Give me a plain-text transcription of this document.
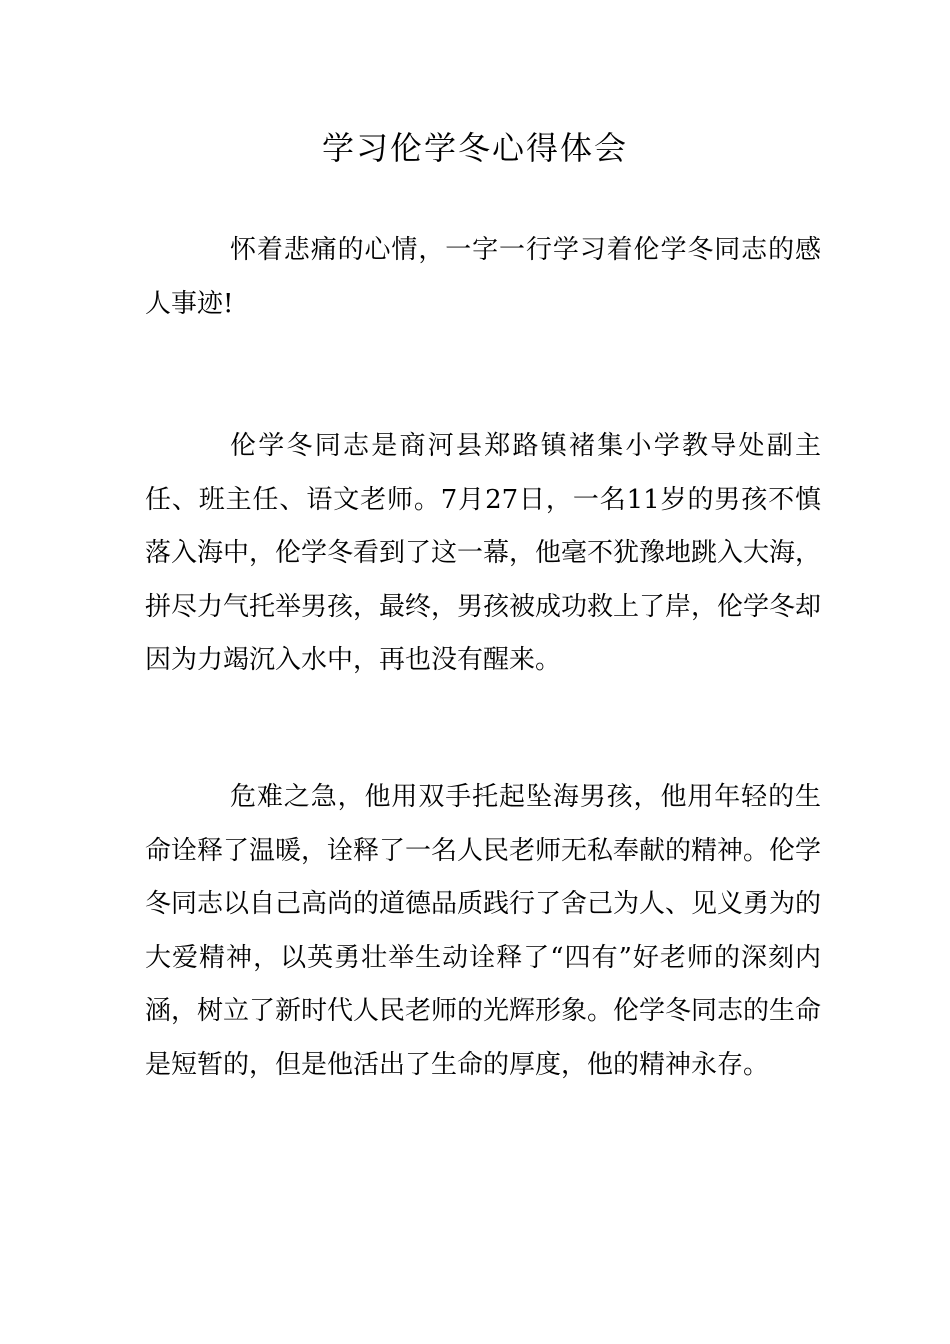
学习伦学冬心得体会

怀着悲痛的心情，一字一行学习着伦学冬同志的感人事迹!

伦学冬同志是商河县郑路镇褚集小学教导处副主任、班主任、语文老师。7月27日，一名11岁的男孩不慎落入海中，伦学冬看到了这一幕，他毫不犹豫地跳入大海，拼尽力气托举男孩，最终，男孩被成功救上了岸，伦学冬却因为力竭沉入水中，再也没有醒来。

危难之急，他用双手托起坠海男孩，他用年轻的生命诠释了温暖，诠释了一名人民老师无私奉献的精神。伦学冬同志以自己高尚的道德品质践行了舍己为人、见义勇为的大爱精神，以英勇壮举生动诠释了“四有”好老师的深刻内涵，树立了新时代人民老师的光辉形象。伦学冬同志的生命是短暂的，但是他活出了生命的厚度，他的精神永存。
